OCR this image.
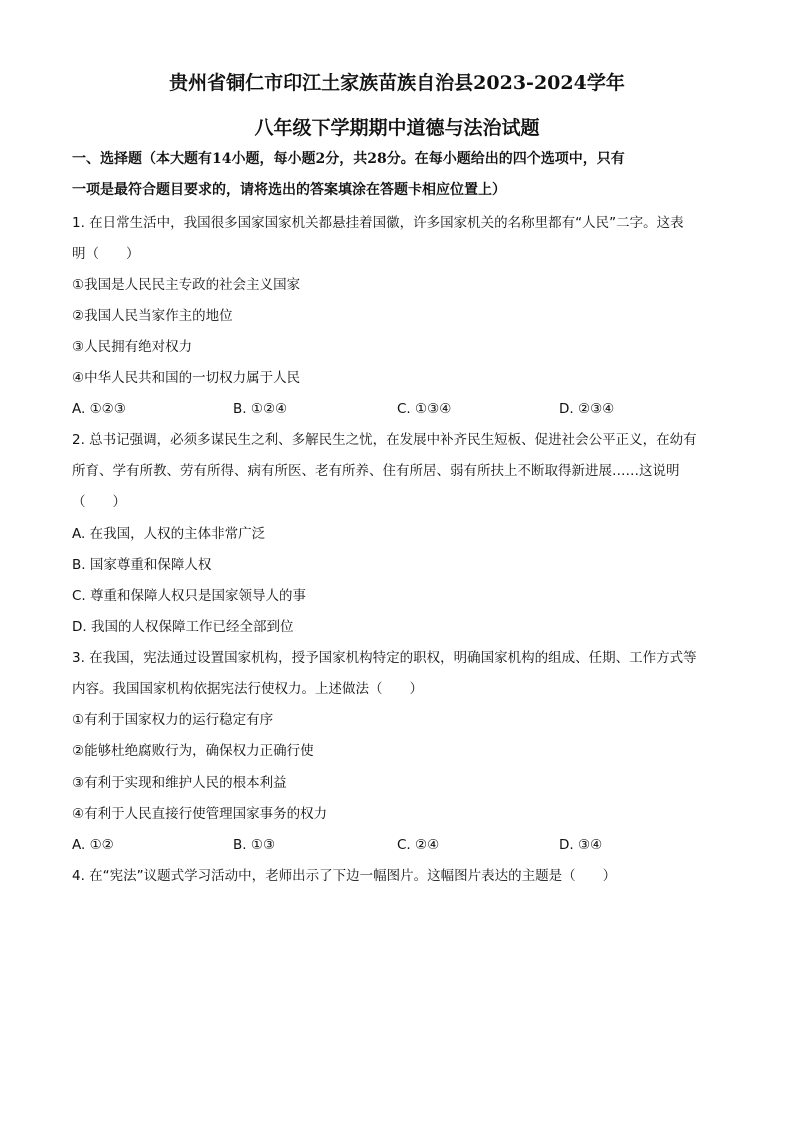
贵州省铜仁市印江土家族苗族自治县2023-2024学年
八年级下学期期中道德与法治试题
一、选择题（本大题有14小题，每小题2分，共28分。在每小题给出的四个选项中，只有
一项是最符合题目要求的，请将选出的答案填涂在答题卡相应位置上）
1. 在日常生活中，我国很多国家国家机关都悬挂着国徽，许多国家机关的名称里都有“人民”二字。这表
明（　　）
①我国是人民民主专政的社会主义国家
②我国人民当家作主的地位
③人民拥有绝对权力
④中华人民共和国的一切权力属于人民
A. ①②③	B. ①②④	C. ①③④	D. ②③④
2. 总书记强调，必须多谋民生之利、多解民生之忧，在发展中补齐民生短板、促进社会公平正义，在幼有
所育、学有所教、劳有所得、病有所医、老有所养、住有所居、弱有所扶上不断取得新进展……这说明
（　　）
A. 在我国，人权的主体非常广泛
B. 国家尊重和保障人权
C. 尊重和保障人权只是国家领导人的事
D. 我国的人权保障工作已经全部到位
3. 在我国，宪法通过设置国家机构，授予国家机构特定的职权，明确国家机构的组成、任期、工作方式等
内容。我国国家机构依据宪法行使权力。上述做法（　　）
①有利于国家权力的运行稳定有序
②能够杜绝腐败行为，确保权力正确行使
③有利于实现和维护人民的根本利益
④有利于人民直接行使管理国家事务的权力
A. ①②	B. ①③	C. ②④	D. ③④
4. 在“宪法”议题式学习活动中，老师出示了下边一幅图片。这幅图片表达的主题是（　　）
